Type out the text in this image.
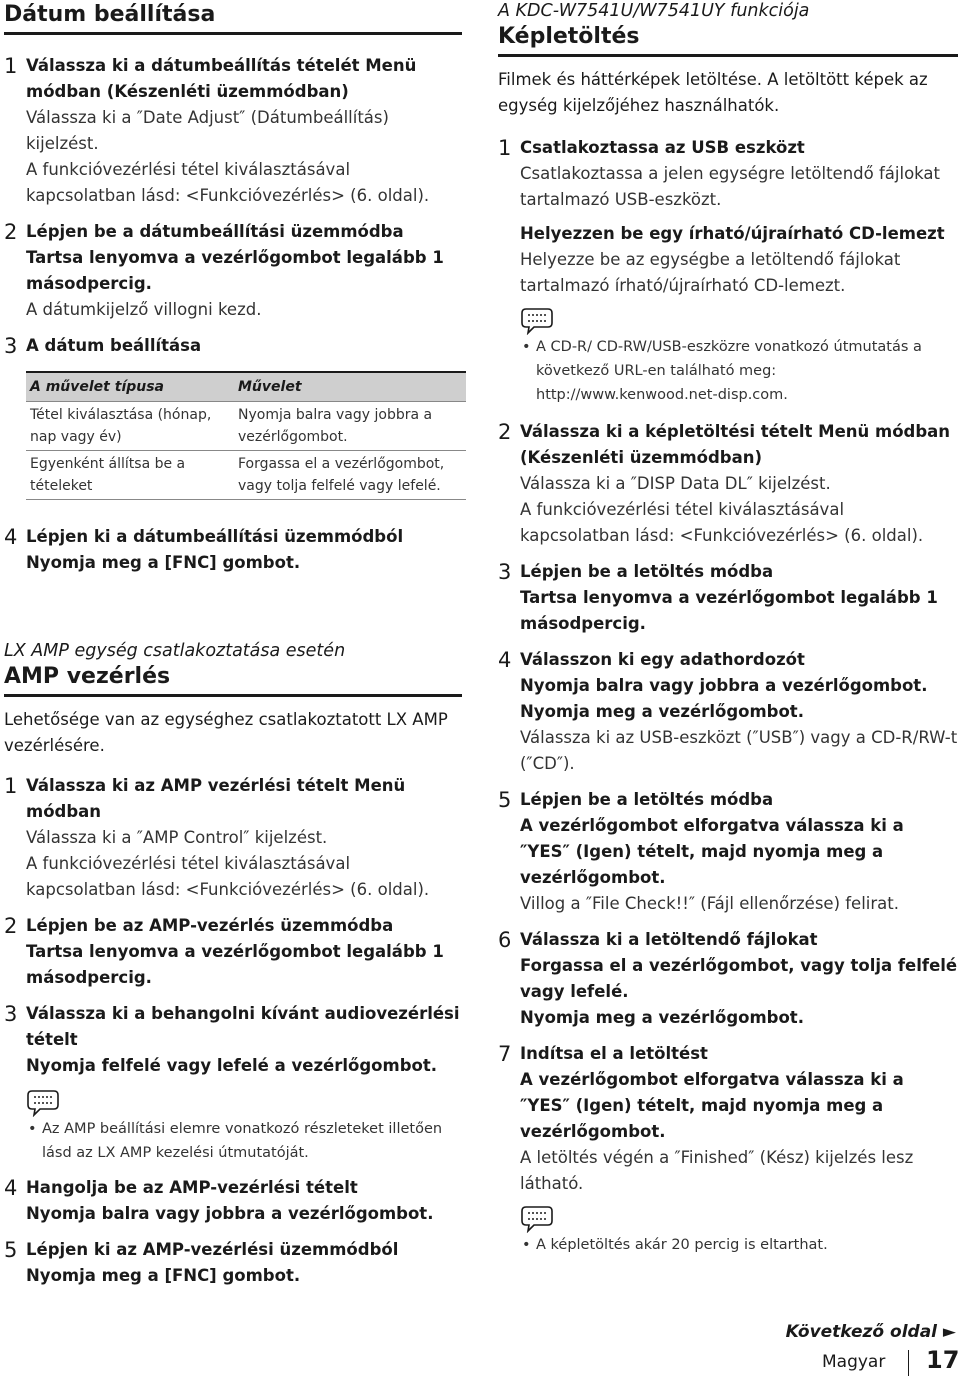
Dátum beállítása
1 Válassza ki a dátumbeállítás tételét Menü módban (Készenléti üzemmódban)

Válassza ki a ″Date Adjust″ (Dátumbeállítás) kijelzést.

A funkcióvezérlési tétel kiválasztásával kapcsolatban lásd: <Funkcióvezérlés> (6. oldal).

2 Lépjen be a dátumbeállítási üzemmódba

Tartsa lenyomva a vezérlőgombot legalább 1 másodpercig.

A dátumkijelző villogni kezd.

3 A dátum beállítása

A művelet típusa	Művelet
Tétel kiválasztása (hónap, nap vagy év)	Nyomja balra vagy jobbra a vezérlőgombot.
Egyenként állítsa be a tételeket	Forgassa el a vezérlőgombot, vagy tolja felfelé vagy lefelé.
4 Lépjen ki a dátumbeállítási üzemmódból

Nyomja meg a [FNC] gombot.

LX AMP egység csatlakoztatása esetén

AMP vezérlés

Lehetősége van az egységhez csatlakoztatott LX AMP vezérlésére.

1 Válassza ki az AMP vezérlési tételt Menü módban

Válassza ki a ″AMP Control″ kijelzést.

A funkcióvezérlési tétel kiválasztásával kapcsolatban lásd: <Funkcióvezérlés> (6. oldal).

2 Lépjen be az AMP-vezérlés üzemmódba

Tartsa lenyomva a vezérlőgombot legalább 1 másodpercig.

3 Válassza ki a behangolni kívánt audiovezérlési tételt

Nyomja felfelé vagy lefelé a vezérlőgombot.

• Az AMP beállítási elemre vonatkozó részleteket illetően lásd az LX AMP kezelési útmutatóját.

4 Hangolja be az AMP-vezérlési tételt

Nyomja balra vagy jobbra a vezérlőgombot.

5 Lépjen ki az AMP-vezérlési üzemmódból

Nyomja meg a [FNC] gombot.

A KDC-W7541U/W7541UY funkciója

Képletöltés

Filmek és háttérképek letöltése. A letöltött képek az egység kijelzőjéhez használhatók.

1 Csatlakoztassa az USB eszközt

Csatlakoztassa a jelen egységre letöltendő fájlokat tartalmazó USB-eszközt.

Helyezzen be egy írható/újraírható CD-lemezt

Helyezze be az egységbe a letöltendő fájlokat tartalmazó írható/újraírható CD-lemezt.

• A CD-R/ CD-RW/USB-eszközre vonatkozó útmutatás a következő URL-en található meg: http://www.kenwood.net-disp.com.

2 Válassza ki a képletöltési tételt Menü módban (Készenléti üzemmódban)

Válassza ki a ″DISP Data DL″ kijelzést.

A funkcióvezérlési tétel kiválasztásával kapcsolatban lásd: <Funkcióvezérlés> (6. oldal).

3 Lépjen be a letöltés módba

Tartsa lenyomva a vezérlőgombot legalább 1 másodpercig.

4 Válasszon ki egy adathordozót

Nyomja balra vagy jobbra a vezérlőgombot.

Nyomja meg a vezérlőgombot.

Válassza ki az USB-eszközt (″USB″) vagy a CD-R/RW-t (″CD″).

5 Lépjen be a letöltés módba

A vezérlőgombot elforgatva válassza ki a ″YES″ (Igen) tételt, majd nyomja meg a vezérlőgombot.

Villog a ″File Check!!″ (Fájl ellenőrzése) felirat.

6 Válassza ki a letöltendő fájlokat

Forgassa el a vezérlőgombot, vagy tolja felfelé vagy lefelé.

Nyomja meg a vezérlőgombot.

7 Indítsa el a letöltést

A vezérlőgombot elforgatva válassza ki a ″YES″ (Igen) tételt, majd nyomja meg a vezérlőgombot.

A letöltés végén a ″Finished″ (Kész) kijelzés lesz látható.

• A képletöltés akár 20 percig is eltarthat.

Következő oldal ►
Magyar 17
